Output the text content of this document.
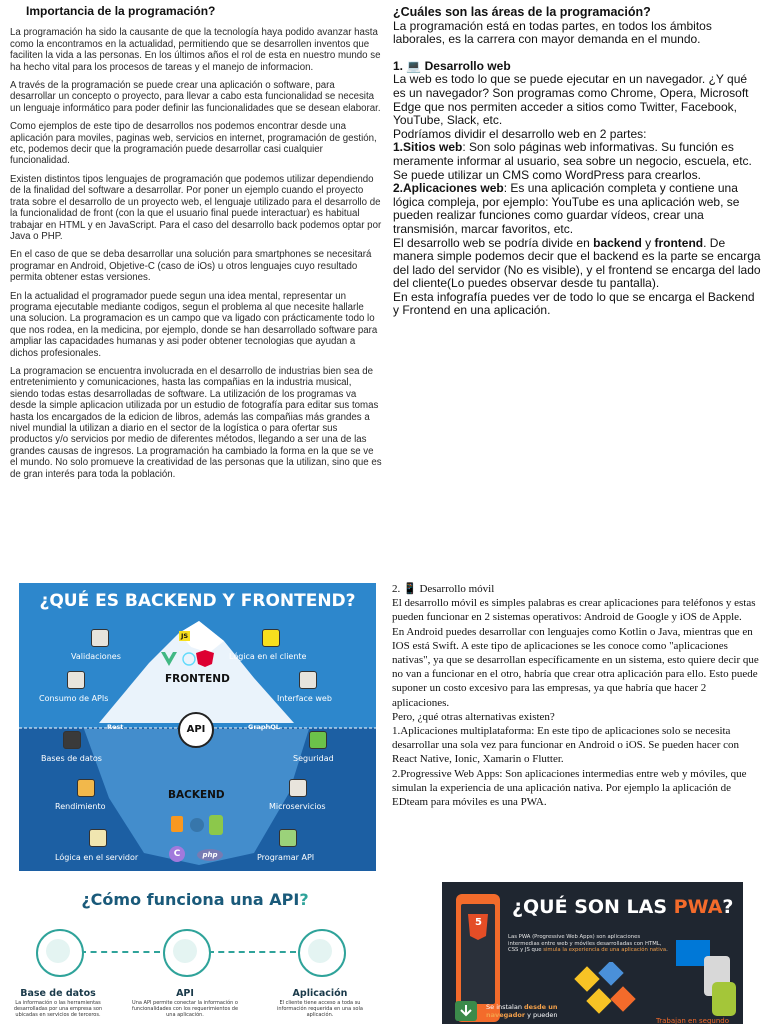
Importancia de la programación?

La programación ha sido la causante de que la tecnología haya podido avanzar hasta como la encontramos en la actualidad, permitiendo que se desarrollen inventos que faciliten la vida a las personas. En los últimos años el rol de esta en nuestro mundo se ha hecho vital para los procesos de tareas y el manejo de informacion.

A través de la programación se puede crear una aplicación o software, para desarrollar un concepto o proyecto, para llevar a cabo esta funcionalidad se necesita un lenguaje informático para poder definir las funcionalidades que se desean elaborar.

Como ejemplos de este tipo de desarrollos nos podemos encontrar desde una aplicación para moviles, paginas web, servicios en internet, programación de gestión, etc, podemos decir que la programación puede desarrollar casi cualquier funcionalidad.

Existen distintos tipos lenguajes de programación que podemos utilizar dependiendo de la finalidad del software a desarrollar. Por poner un ejemplo cuando el proyecto trata sobre el desarrollo de un proyecto web, el lenguaje utilizado para el desarrollo de la funcionalidad de front (con la que el usuario final puede interactuar) es habitual trabajar en HTML y en JavaScript. Para el caso del desarrollo back podemos optar por Java o PHP.

En el caso de que se deba desarrollar una solución para smartphones se necesitará programar en Android, Objetive-C (caso de iOs) u otros lenguajes cuyo resultado permita obtener estas versiones.

En la actualidad el programador puede segun una idea mental, representar un programa ejecutable mediante codigos, segun el problema al que necesite hallarle una solucion. La programacion es un campo que va ligado con prácticamente todo lo que nos rodea, en la medicina, por ejemplo, donde se han desarrollado software para ampliar las capacidades humanas y asi poder obtener tecnologias que ayudan a dichos profesionales.

La programacion se encuentra involucrada en el desarrollo de industrias bien sea de entretenimiento y comunicaciones, hasta las compañias en la industria musical, siendo todas estas desarrolladas de software. La utilización de los programas va desde la simple aplicacion utilizada por un estudio de fotografía para editar sus tomas hasta los encargados de la edicion de libros, además las compañias más grandes a nivel mundial la utilizan a diario en el sector de la logística o para ofertar sus productos y/o servicios por medio de diferentes métodos, llegando a ser una de las grandes causas de ingresos. La programación ha cambiado la forma en la que se ve el mundo. No solo promueve la creatividad de las personas que la utilizan, sino que es de gran interés para toda la población.

¿Cuáles son las áreas de la programación?

La programación está en todas partes, en todos los ámbitos laborales, es la carrera con mayor demanda en el mundo.

1. 💻 Desarrollo web

La web es todo lo que se puede ejecutar en un navegador. ¿Y qué es un navegador? Son programas como Chrome, Opera, Microsoft Edge que nos permiten acceder a sitios como Twitter, Facebook, YouTube, Slack, etc.

Podríamos dividir el desarrollo web en 2 partes:

1.Sitios web: Son solo páginas web informativas. Su función es meramente informar al usuario, sea sobre un negocio, escuela, etc. Se puede utilizar un CMS como WordPress para crearlos.

2.Aplicaciones web: Es una aplicación completa y contiene una lógica compleja, por ejemplo: YouTube es una aplicación web, se pueden realizar funciones como guardar vídeos, crear una transmisión, marcar favoritos, etc.

El desarrollo web se podría divide en backend y frontend. De manera simple podemos decir que el backend es la parte se encarga del lado del servidor (No es visible), y el frontend se encarga del lado del cliente(Lo puedes observar desde tu pantalla).

En esta infografía puedes ver de todo lo que se encarga el Backend y Frontend en una aplicación.

¿QUÉ ES BACKEND Y FRONTEND?
FRONTEND
BACKEND
API
Rest	GraphQL
JS
C	php
Validaciones	Lógica en el cliente
Consumo de APIs	Interface web
Bases de datos	Seguridad
Rendimiento	Microservicios
Lógica en el servidor	Programar API

2. 📱 Desarrollo móvil

El desarrollo móvil es simples palabras es crear aplicaciones para teléfonos y estas pueden funcionar en 2 sistemas operativos: Android de Google y iOS de Apple.

En Android puedes desarrollar con lenguajes como Kotlin o Java, mientras que en IOS está Swift. A este tipo de aplicaciones se les conoce como "aplicaciones nativas", ya que se desarrollan específicamente en un sistema, esto quiere decir que no van a funcionar en el otro, habría que crear otra aplicación para ello. Esto puede suponer un costo excesivo para las empresas, ya que habría que hacer 2 aplicaciones.

Pero, ¿qué otras alternativas existen?

1.Aplicaciones multiplataforma: En este tipo de aplicaciones solo se necesita desarrollar una sola vez para funcionar en Android o iOS. Se pueden hacer con React Native, Ionic, Xamarin o Flutter.

2.Progressive Web Apps: Son aplicaciones intermedias entre web y móviles, que simulan la experiencia de una aplicación nativa. Por ejemplo la aplicación de EDteam para móviles es una PWA.

¿Cómo funciona una API?
Base de datos
La información o las herramientas desarrolladas por una empresa son ubicadas en servicios de terceros.
API
Una API permite conectar la información o funcionalidades con los requerimientos de una aplicación.
Aplicación
El cliente tiene acceso a toda su información requerida en una sola aplicación.
5
¿QUÉ SON LAS PWA?
Las PWA (Progressive Web Apps) son aplicaciones intermedias entre web y móviles desarrolladas con HTML, CSS y JS que simula la experiencia de una aplicación nativa.
Se instalan desde un navegador y pueden
Trabajan en segundo
